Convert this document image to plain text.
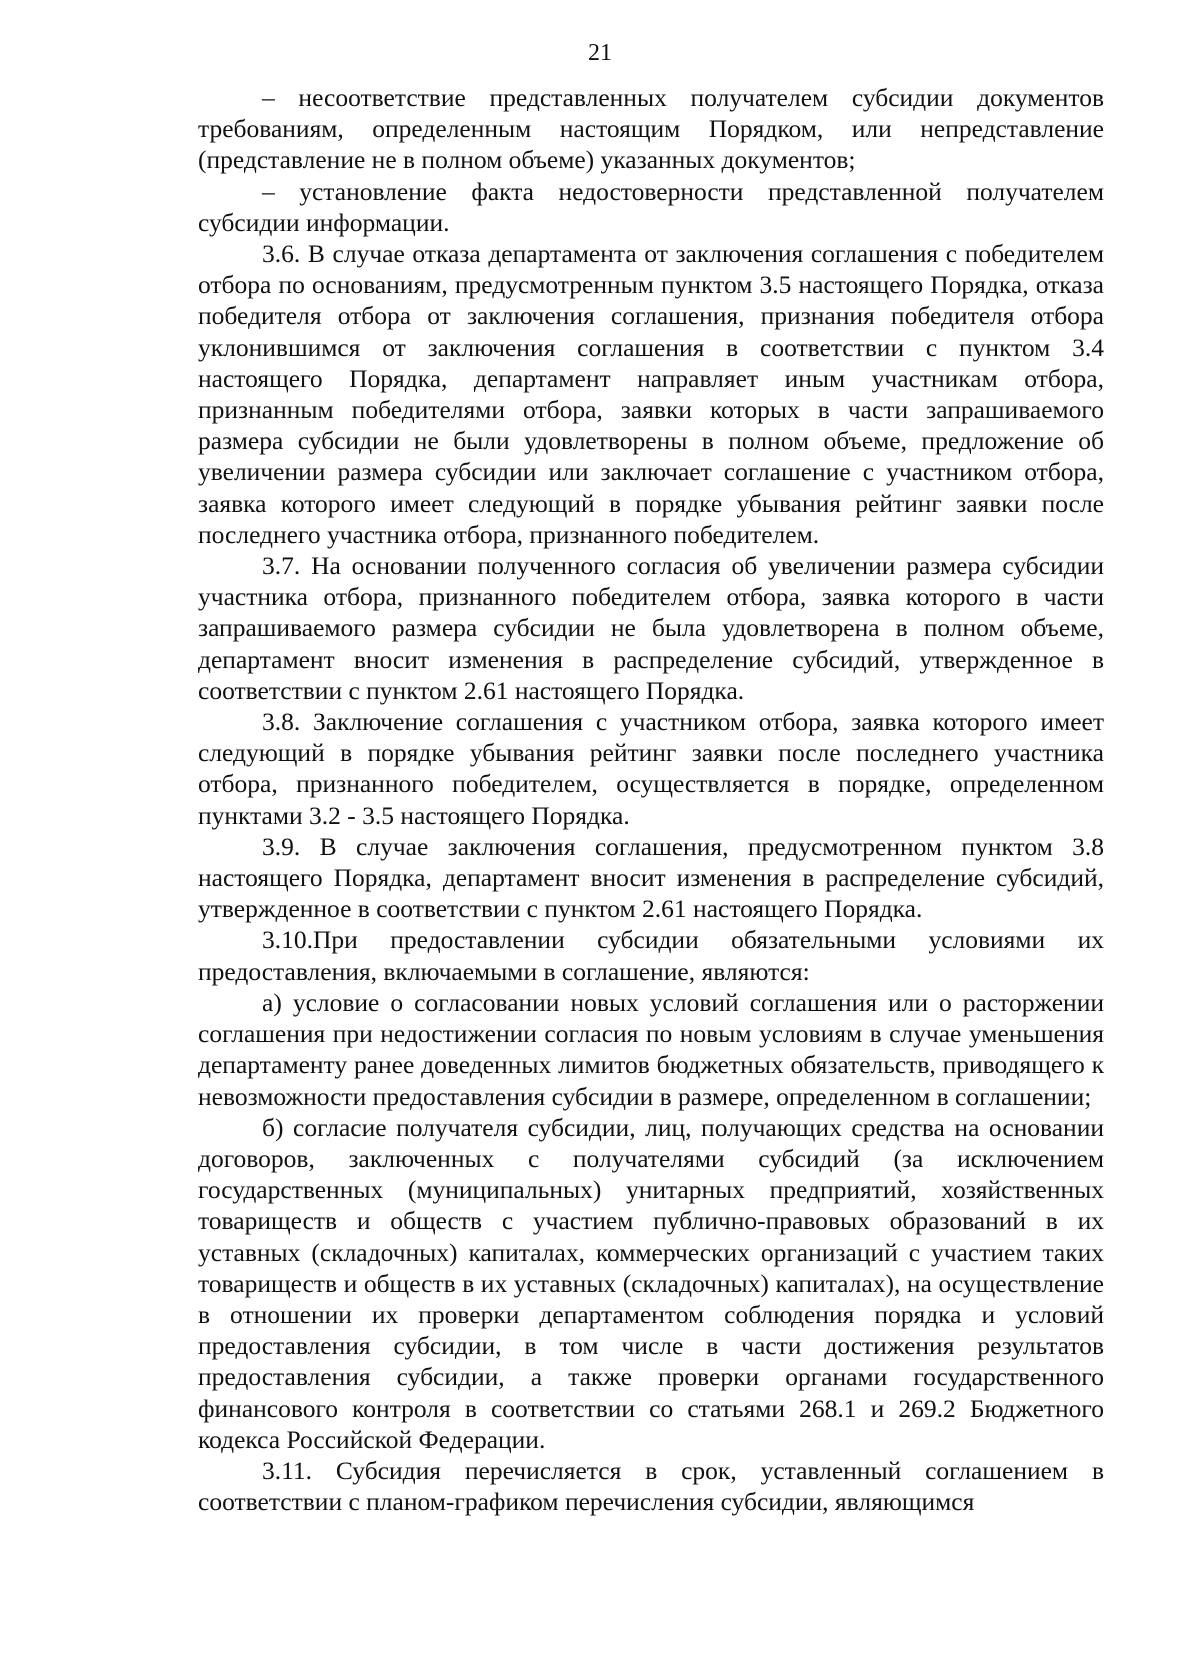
21

– несоответствие представленных получателем субсидии документов требованиям, определенным настоящим Порядком, или непредставление (представление не в полном объеме) указанных документов;

– установление факта недостоверности представленной получателем субсидии информации.

3.6. В случае отказа департамента от заключения соглашения с победителем отбора по основаниям, предусмотренным пунктом 3.5 настоящего Порядка, отказа победителя отбора от заключения соглашения, признания победителя отбора уклонившимся от заключения соглашения в соответствии с пунктом 3.4 настоящего Порядка, департамент направляет иным участникам отбора, признанным победителями отбора, заявки которых в части запрашиваемого размера субсидии не были удовлетворены в полном объеме, предложение об увеличении размера субсидии или заключает соглашение с участником отбора, заявка которого имеет следующий в порядке убывания рейтинг заявки после последнего участника отбора, признанного победителем.

3.7. На основании полученного согласия об увеличении размера субсидии участника отбора, признанного победителем отбора, заявка которого в части запрашиваемого размера субсидии не была удовлетворена в полном объеме, департамент вносит изменения в распределение субсидий, утвержденное в соответствии с пунктом 2.61 настоящего Порядка.

3.8. Заключение соглашения с участником отбора, заявка которого имеет следующий в порядке убывания рейтинг заявки после последнего участника отбора, признанного победителем, осуществляется в порядке, определенном пунктами 3.2 - 3.5 настоящего Порядка.

3.9. В случае заключения соглашения, предусмотренном пунктом 3.8 настоящего Порядка, департамент вносит изменения в распределение субсидий, утвержденное в соответствии с пунктом 2.61 настоящего Порядка.

3.10.При предоставлении субсидии обязательными условиями их предоставления, включаемыми в соглашение, являются:

а) условие о согласовании новых условий соглашения или о расторжении соглашения при недостижении согласия по новым условиям в случае уменьшения департаменту ранее доведенных лимитов бюджетных обязательств, приводящего к невозможности предоставления субсидии в размере, определенном в соглашении;

б) согласие получателя субсидии, лиц, получающих средства на основании договоров, заключенных с получателями субсидий (за исключением государственных (муниципальных) унитарных предприятий, хозяйственных товариществ и обществ с участием публично-правовых образований в их уставных (складочных) капиталах, коммерческих организаций с участием таких товариществ и обществ в их уставных (складочных) капиталах), на осуществление в отношении их проверки департаментом соблюдения порядка и условий предоставления субсидии, в том числе в части достижения результатов предоставления субсидии, а также проверки органами государственного финансового контроля в соответствии со статьями 268.1 и 269.2 Бюджетного кодекса Российской Федерации.

3.11. Субсидия перечисляется в срок, уставленный соглашением в соответствии с планом-графиком перечисления субсидии, являющимся
